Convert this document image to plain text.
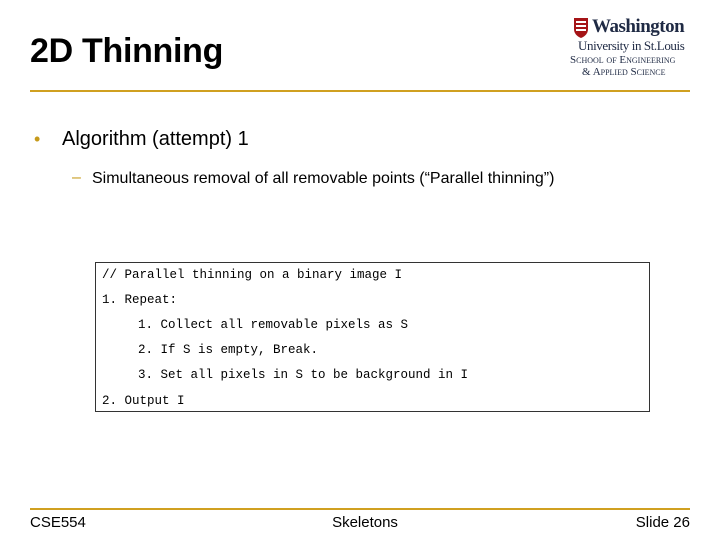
2D Thinning
Washington
University in St.Louis
School of Engineering
& Applied Science
• Algorithm (attempt) 1
– Simultaneous removal of all removable points (“Parallel thinning”)
// Parallel thinning on a binary image I
1. Repeat:
1. Collect all removable pixels as S
2. If S is empty, Break.
3. Set all pixels in S to be background in I
2. Output I
CSE554	Skeletons	Slide 26
